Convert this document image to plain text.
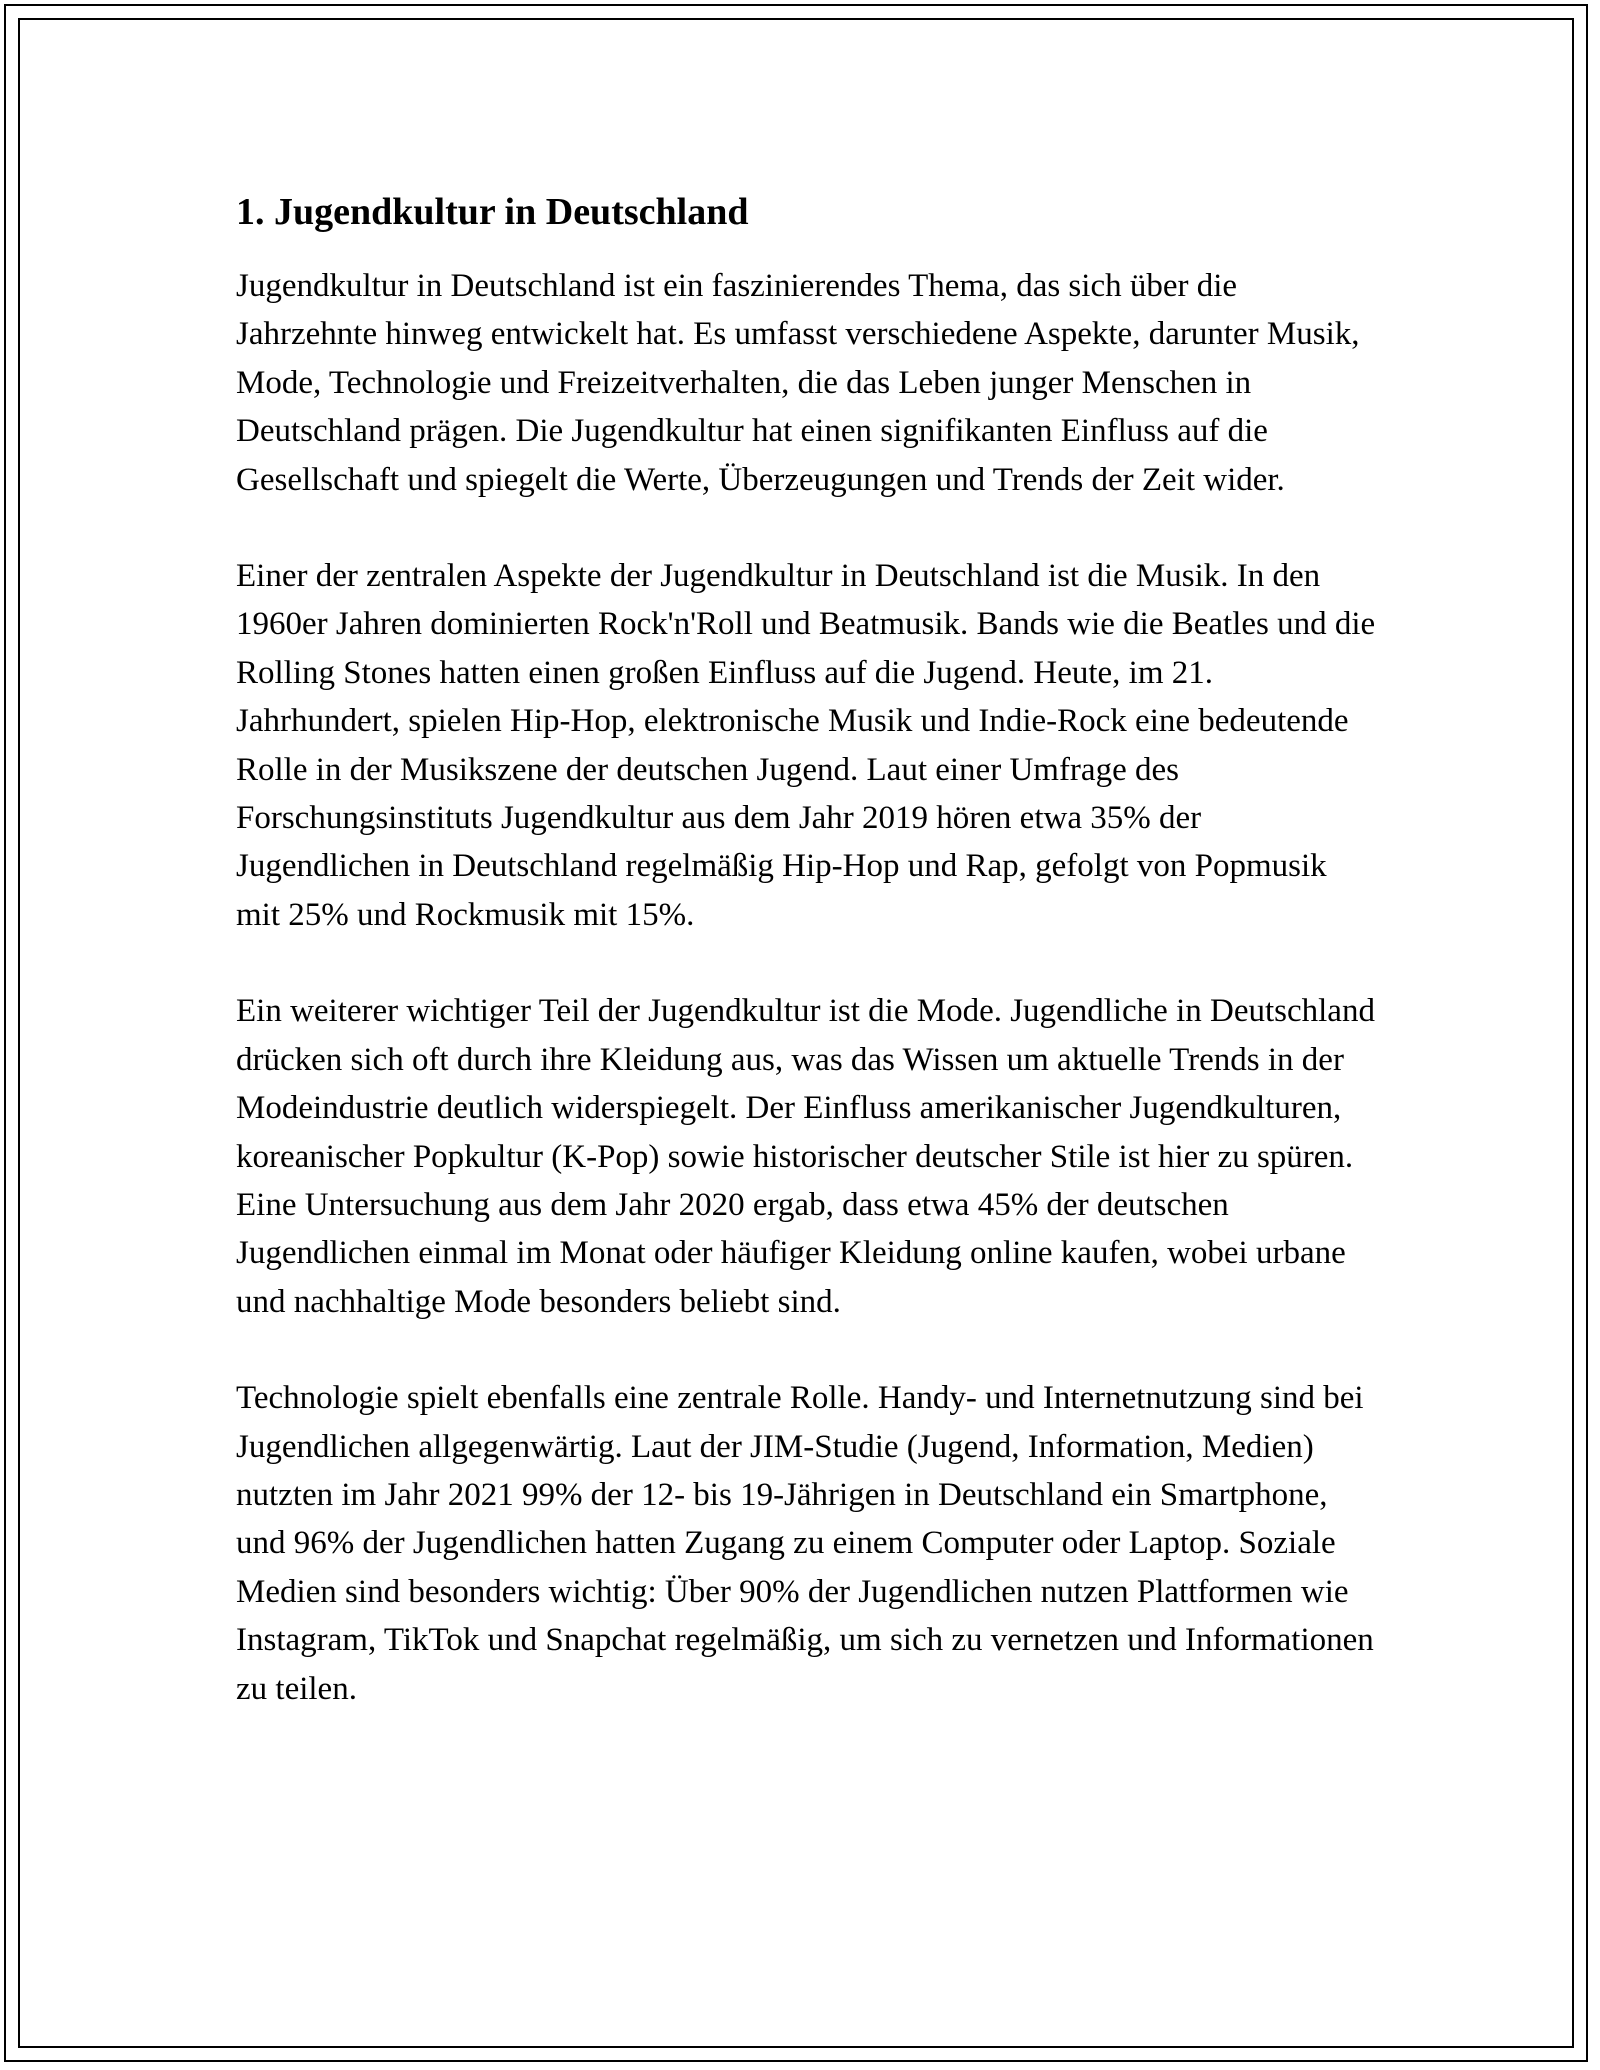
1. Jugendkultur in Deutschland

Jugendkultur in Deutschland ist ein faszinierendes Thema, das sich über die Jahrzehnte hinweg entwickelt hat. Es umfasst verschiedene Aspekte, darunter Musik, Mode, Technologie und Freizeitverhalten, die das Leben junger Menschen in Deutschland prägen. Die Jugendkultur hat einen signifikanten Einfluss auf die Gesellschaft und spiegelt die Werte, Überzeugungen und Trends der Zeit wider.

Einer der zentralen Aspekte der Jugendkultur in Deutschland ist die Musik. In den 1960er Jahren dominierten Rock'n'Roll und Beatmusik. Bands wie die Beatles und die Rolling Stones hatten einen großen Einfluss auf die Jugend. Heute, im 21. Jahrhundert, spielen Hip-Hop, elektronische Musik und Indie-Rock eine bedeutende Rolle in der Musikszene der deutschen Jugend. Laut einer Umfrage des Forschungsinstituts Jugendkultur aus dem Jahr 2019 hören etwa 35% der Jugendlichen in Deutschland regelmäßig Hip-Hop und Rap, gefolgt von Popmusik mit 25% und Rockmusik mit 15%.

Ein weiterer wichtiger Teil der Jugendkultur ist die Mode. Jugendliche in Deutschland drücken sich oft durch ihre Kleidung aus, was das Wissen um aktuelle Trends in der Modeindustrie deutlich widerspiegelt. Der Einfluss amerikanischer Jugendkulturen, koreanischer Popkultur (K-Pop) sowie historischer deutscher Stile ist hier zu spüren. Eine Untersuchung aus dem Jahr 2020 ergab, dass etwa 45% der deutschen Jugendlichen einmal im Monat oder häufiger Kleidung online kaufen, wobei urbane und nachhaltige Mode besonders beliebt sind.

Technologie spielt ebenfalls eine zentrale Rolle. Handy- und Internetnutzung sind bei Jugendlichen allgegenwärtig. Laut der JIM-Studie (Jugend, Information, Medien) nutzten im Jahr 2021 99% der 12- bis 19-Jährigen in Deutschland ein Smartphone, und 96% der Jugendlichen hatten Zugang zu einem Computer oder Laptop. Soziale Medien sind besonders wichtig: Über 90% der Jugendlichen nutzen Plattformen wie Instagram, TikTok und Snapchat regelmäßig, um sich zu vernetzen und Informationen zu teilen.
